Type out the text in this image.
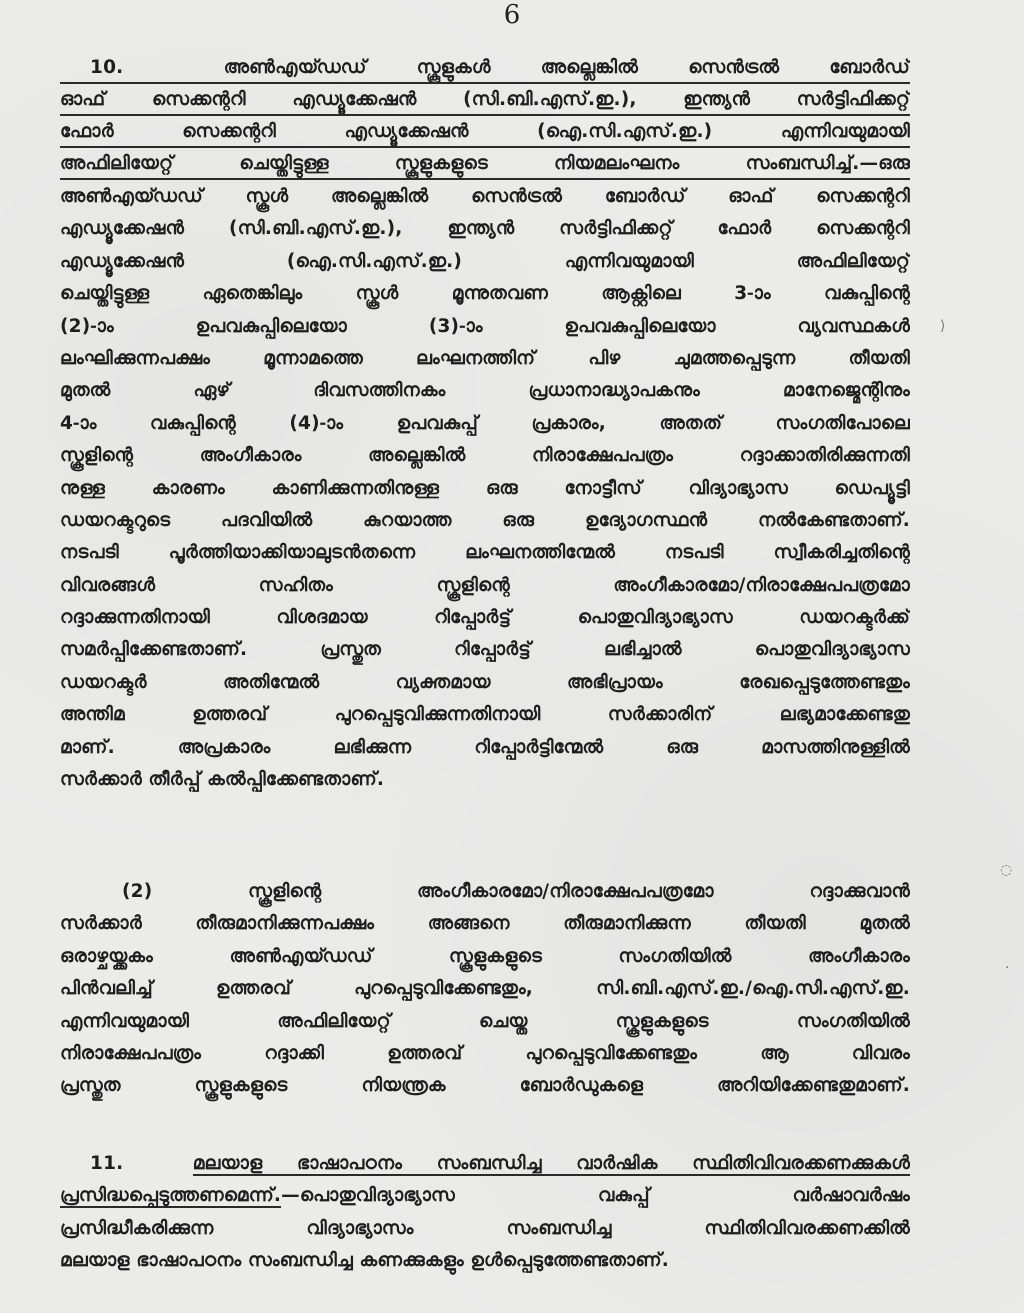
6
10.	അൺഎയ്ഡഡ് സ്കൂളുകൾ അല്ലെങ്കിൽ സെൻട്രൽ ബോർഡ്
ഓഫ് സെക്കന്ററി എഡ്യൂക്കേഷൻ (സി.ബി.എസ്.ഇ.), ഇന്ത്യൻ സർട്ടിഫിക്കറ്റ്
ഫോർ സെക്കന്ററി എഡ്യൂക്കേഷൻ (ഐ.സി.എസ്.ഇ.) എന്നിവയുമായി
അഫിലിയേറ്റ് ചെയ്തിട്ടുള്ള സ്കൂളുകളുടെ നിയമലംഘനം സംബന്ധിച്ച്.—ഒരു
അൺഎയ്ഡഡ് സ്കൂൾ അല്ലെങ്കിൽ സെൻട്രൽ ബോർഡ് ഓഫ് സെക്കന്ററി
എഡ്യൂക്കേഷൻ (സി.ബി.എസ്.ഇ.), ഇന്ത്യൻ സർട്ടിഫിക്കറ്റ് ഫോർ സെക്കന്ററി
എഡ്യൂക്കേഷൻ (ഐ.സി.എസ്.ഇ.) എന്നിവയുമായി അഫിലിയേറ്റ്
ചെയ്തിട്ടുള്ള ഏതെങ്കിലും സ്കൂൾ മൂന്നുതവണ ആക്റ്റിലെ 3-ാം വകുപ്പിന്റെ
(2)-ാം ഉപവകുപ്പിലെയോ (3)-ാം ഉപവകുപ്പിലെയോ വ്യവസ്ഥകൾ
ലംഘിക്കുന്നപക്ഷം മൂന്നാമത്തെ ലംഘനത്തിന് പിഴ ചുമത്തപ്പെടുന്ന തീയതി
മുതൽ ഏഴ് ദിവസത്തിനകം പ്രധാനാദ്ധ്യാപകനും മാനേജ്മെന്റിനും
4-ാം വകുപ്പിന്റെ (4)-ാം ഉപവകുപ്പ് പ്രകാരം, അതത് സംഗതിപോലെ
സ്കൂളിന്റെ അംഗീകാരം അല്ലെങ്കിൽ നിരാക്ഷേപപത്രം റദ്ദാക്കാതിരിക്കുന്നതി
നുള്ള കാരണം കാണിക്കുന്നതിനുള്ള ഒരു നോട്ടീസ് വിദ്യാഭ്യാസ ഡെപ്യൂട്ടി
ഡയറക്ടറുടെ പദവിയിൽ കുറയാത്ത ഒരു ഉദ്യോഗസ്ഥൻ നൽകേണ്ടതാണ്.
നടപടി പൂർത്തിയാക്കിയാലുടൻതന്നെ ലംഘനത്തിന്മേൽ നടപടി സ്വീകരിച്ചതിന്റെ
വിവരങ്ങൾ സഹിതം സ്കൂളിന്റെ അംഗീകാരമോ/നിരാക്ഷേപപത്രമോ
റദ്ദാക്കുന്നതിനായി വിശദമായ റിപ്പോർട്ട് പൊതുവിദ്യാഭ്യാസ ഡയറക്ടർക്ക്
സമർപ്പിക്കേണ്ടതാണ്. പ്രസ്തുത റിപ്പോർട്ട് ലഭിച്ചാൽ പൊതുവിദ്യാഭ്യാസ
ഡയറക്ടർ അതിന്മേൽ വ്യക്തമായ അഭിപ്രായം രേഖപ്പെടുത്തേണ്ടതും
അന്തിമ ഉത്തരവ് പുറപ്പെടുവിക്കുന്നതിനായി സർക്കാരിന് ലഭ്യമാക്കേണ്ടതു
മാണ്. അപ്രകാരം ലഭിക്കുന്ന റിപ്പോർട്ടിന്മേൽ ഒരു മാസത്തിനുള്ളിൽ
സർക്കാർ തീർപ്പ് കൽപ്പിക്കേണ്ടതാണ്.
(2) സ്കൂളിന്റെ അംഗീകാരമോ/നിരാക്ഷേപപത്രമോ റദ്ദാക്കുവാൻ
സർക്കാർ തീരുമാനിക്കുന്നപക്ഷം അങ്ങനെ തീരുമാനിക്കുന്ന തീയതി മുതൽ
ഒരാഴ്ചയ്ക്കകം അൺഎയ്ഡഡ് സ്കൂളുകളുടെ സംഗതിയിൽ അംഗീകാരം
പിൻവലിച്ച് ഉത്തരവ് പുറപ്പെടുവിക്കേണ്ടതും, സി.ബി.എസ്.ഇ./ഐ.സി.എസ്.ഇ.
എന്നിവയുമായി അഫിലിയേറ്റ് ചെയ്ത സ്കൂളുകളുടെ സംഗതിയിൽ
നിരാക്ഷേപപത്രം റദ്ദാക്കി ഉത്തരവ് പുറപ്പെടുവിക്കേണ്ടതും ആ വിവരം
പ്രസ്തുത സ്കൂളുകളുടെ നിയന്ത്രക ബോർഡുകളെ അറിയിക്കേണ്ടതുമാണ്.
11.	മലയാള ഭാഷാപഠനം സംബന്ധിച്ച വാർഷിക സ്ഥിതിവിവരക്കണക്കുകൾ
പ്രസിദ്ധപ്പെടുത്തണമെന്ന്.—പൊതുവിദ്യാഭ്യാസ വകുപ്പ് വർഷാവർഷം
പ്രസിദ്ധീകരിക്കുന്ന വിദ്യാഭ്യാസം സംബന്ധിച്ച സ്ഥിതിവിവരക്കണക്കിൽ
മലയാള ഭാഷാപഠനം സംബന്ധിച്ച കണക്കുകളും ഉൾപ്പെടുത്തേണ്ടതാണ്.
⟩
◌
·
